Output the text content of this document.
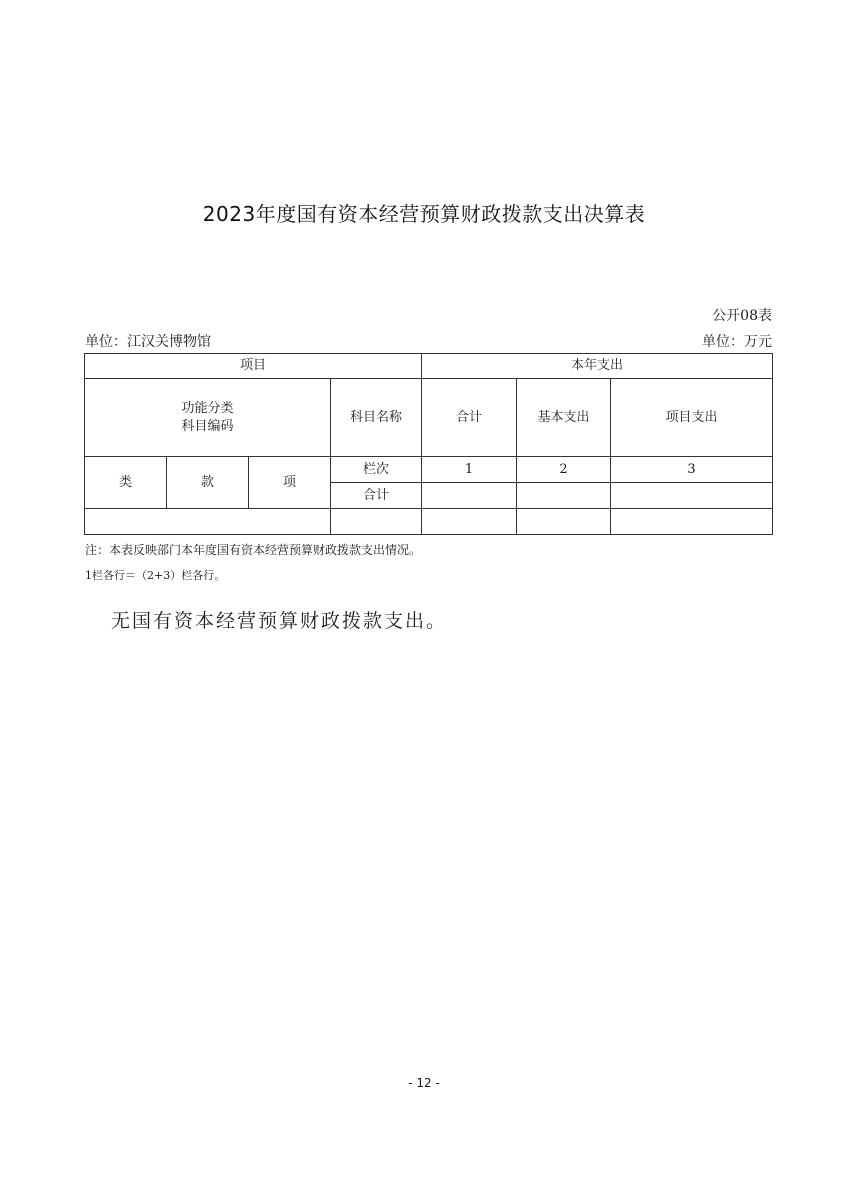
2023年度国有资本经营预算财政拨款支出决算表
公开08表
单位：江汉关博物馆	单位：万元
项目				本年支出		

功能分类
科目编码			科目名称	合计	基本支出	项目支出
类	款	项	栏次	1	2	3
			合计			

注：本表反映部门本年度国有资本经营预算财政拨款支出情况。
1栏各行＝（2+3）栏各行。
无国有资本经营预算财政拨款支出。
- 12 -
